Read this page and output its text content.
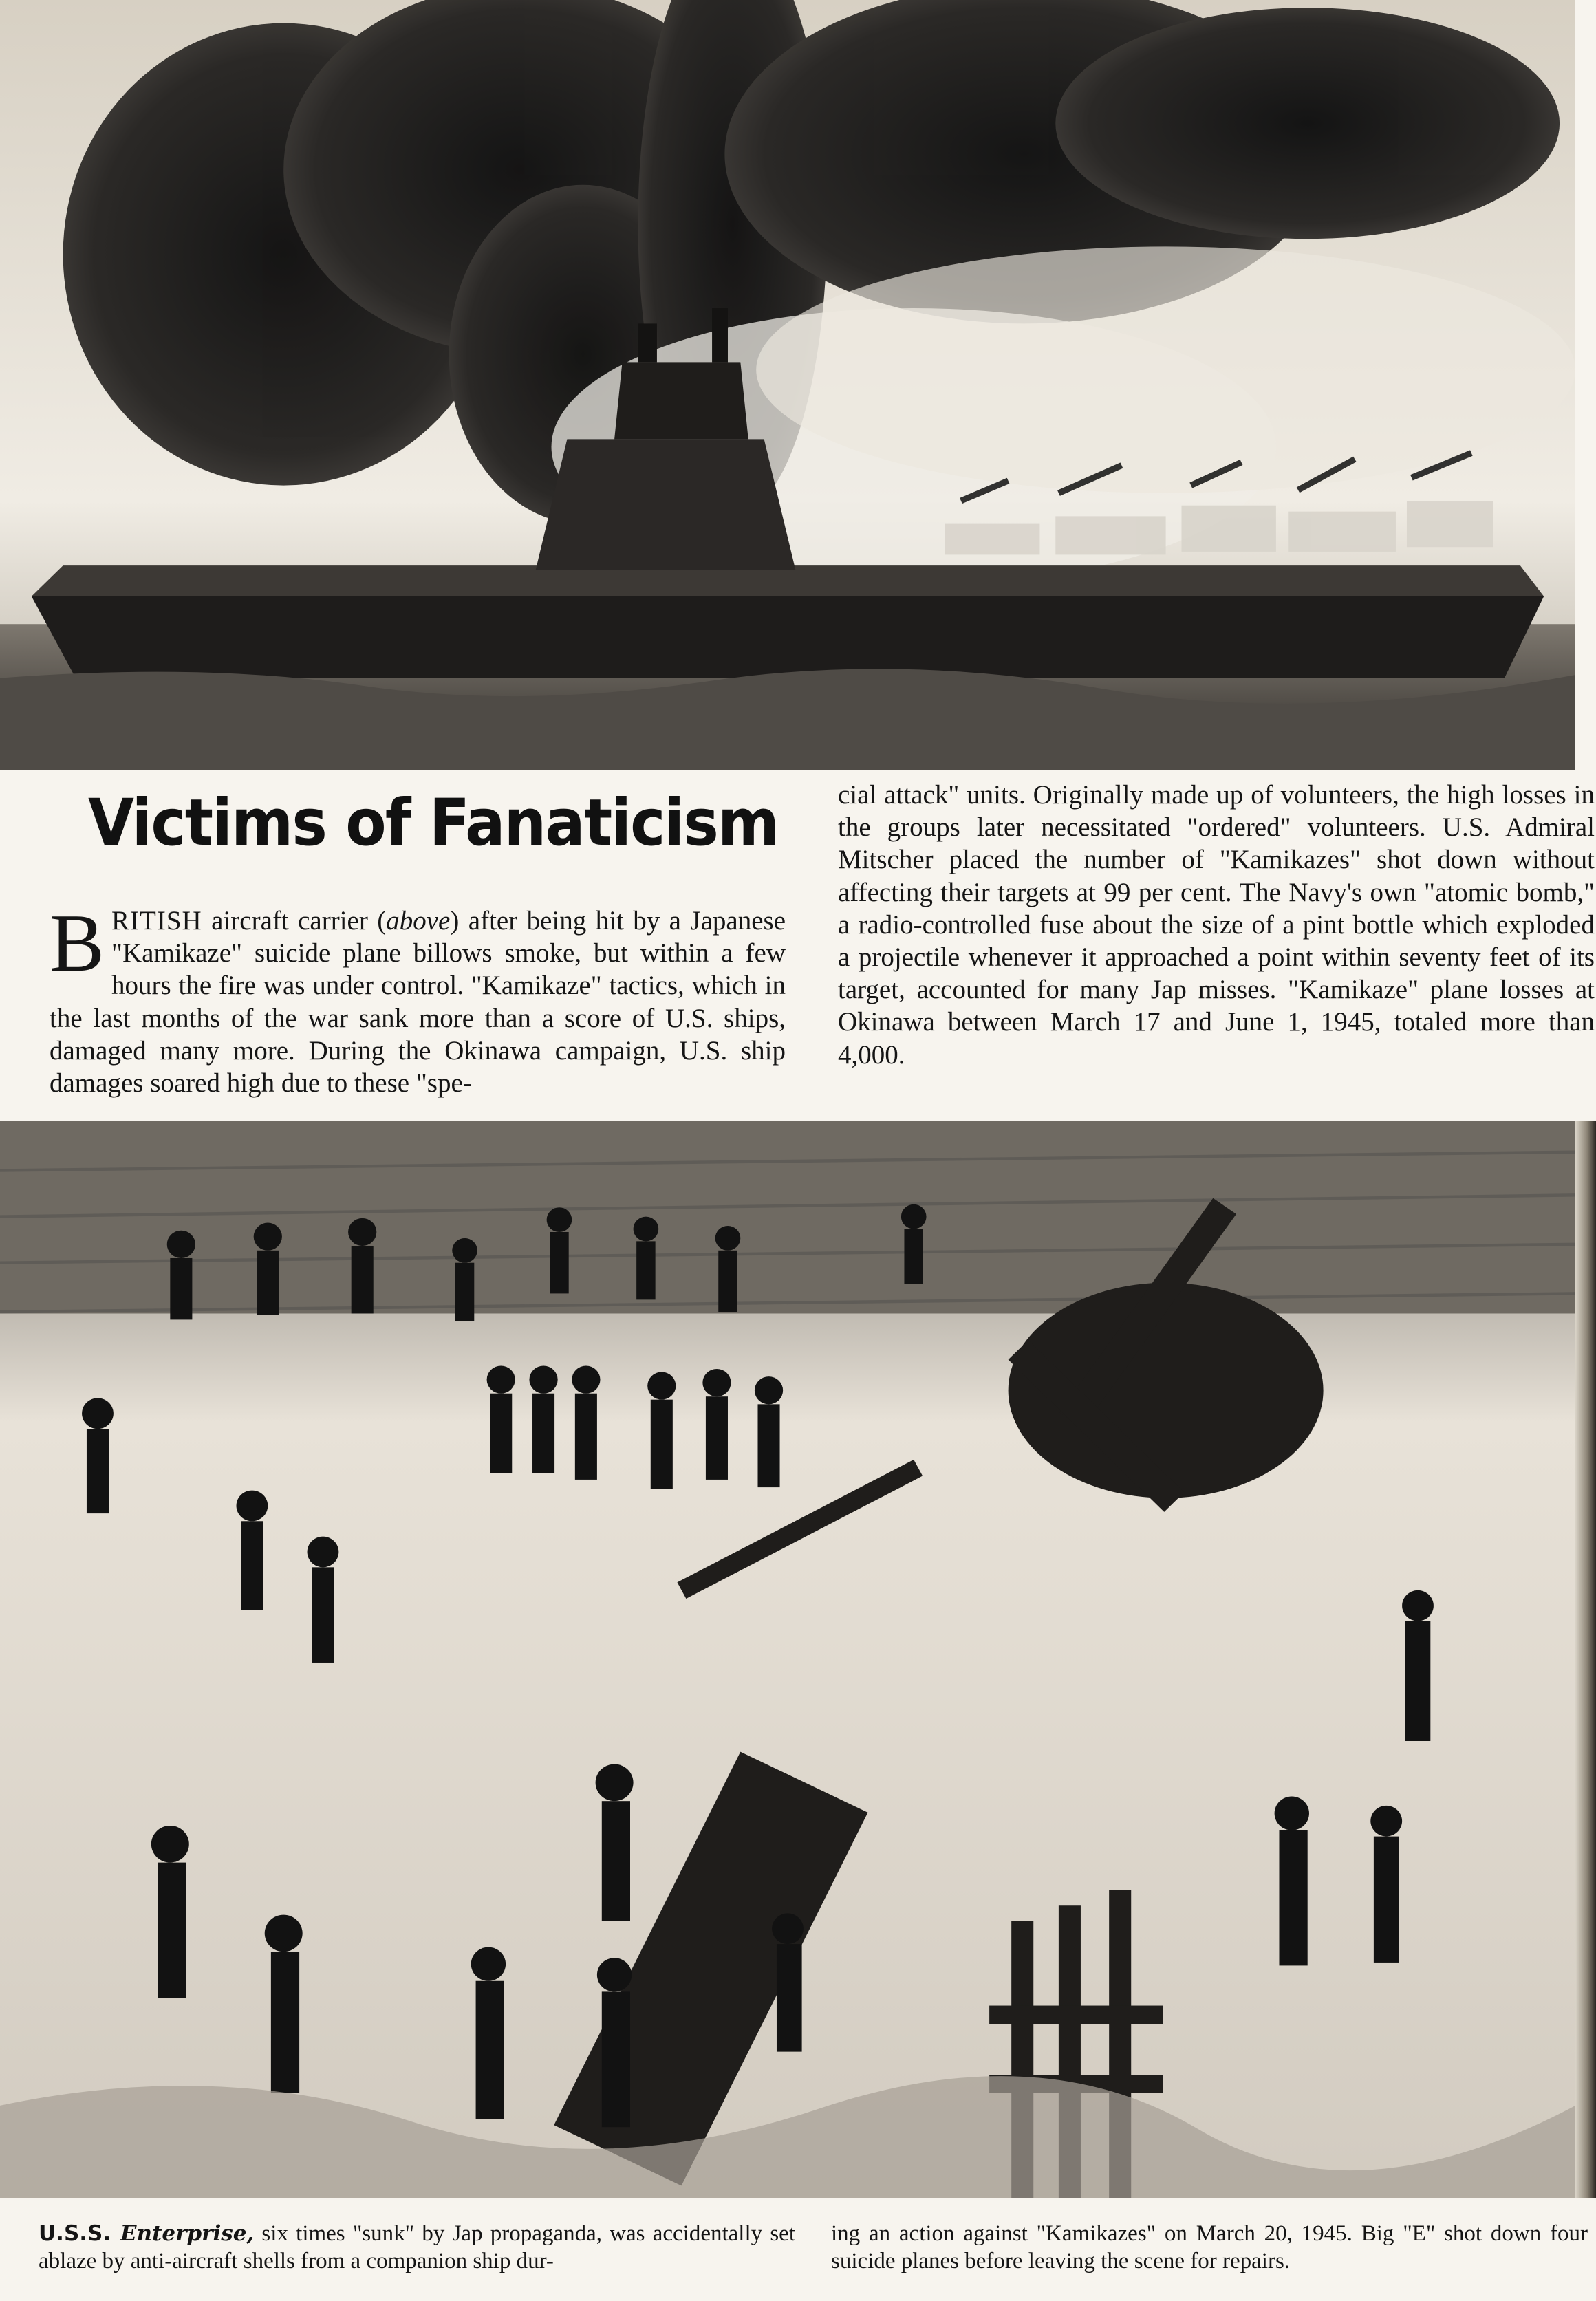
Victims of Fanaticism
B RITISH aircraft carrier (above) after being hit by a Japanese "Kamikaze" suicide plane billows smoke, but within a few hours the fire was under control. "Kamikaze" tactics, which in the last months of the war sank more than a score of U.S. ships, damaged many more. During the Okinawa campaign, U.S. ship damages soared high due to these "spe-
cial attack" units. Originally made up of volunteers, the high losses in the groups later necessitated "ordered" volunteers. U.S. Admiral Mitscher placed the number of "Kamikazes" shot down without affecting their targets at 99 per cent. The Navy's own "atomic bomb," a radio-controlled fuse about the size of a pint bottle which exploded a projectile whenever it approached a point within seventy feet of its target, accounted for many Jap misses. "Kamikaze" plane losses at Okinawa between March 17 and June 1, 1945, totaled more than 4,000.
U.S.S. Enterprise, six times "sunk" by Jap propaganda, was accidentally set ablaze by anti-aircraft shells from a companion ship dur-
ing an action against "Kamikazes" on March 20, 1945. Big "E" shot down four suicide planes before leaving the scene for repairs.
